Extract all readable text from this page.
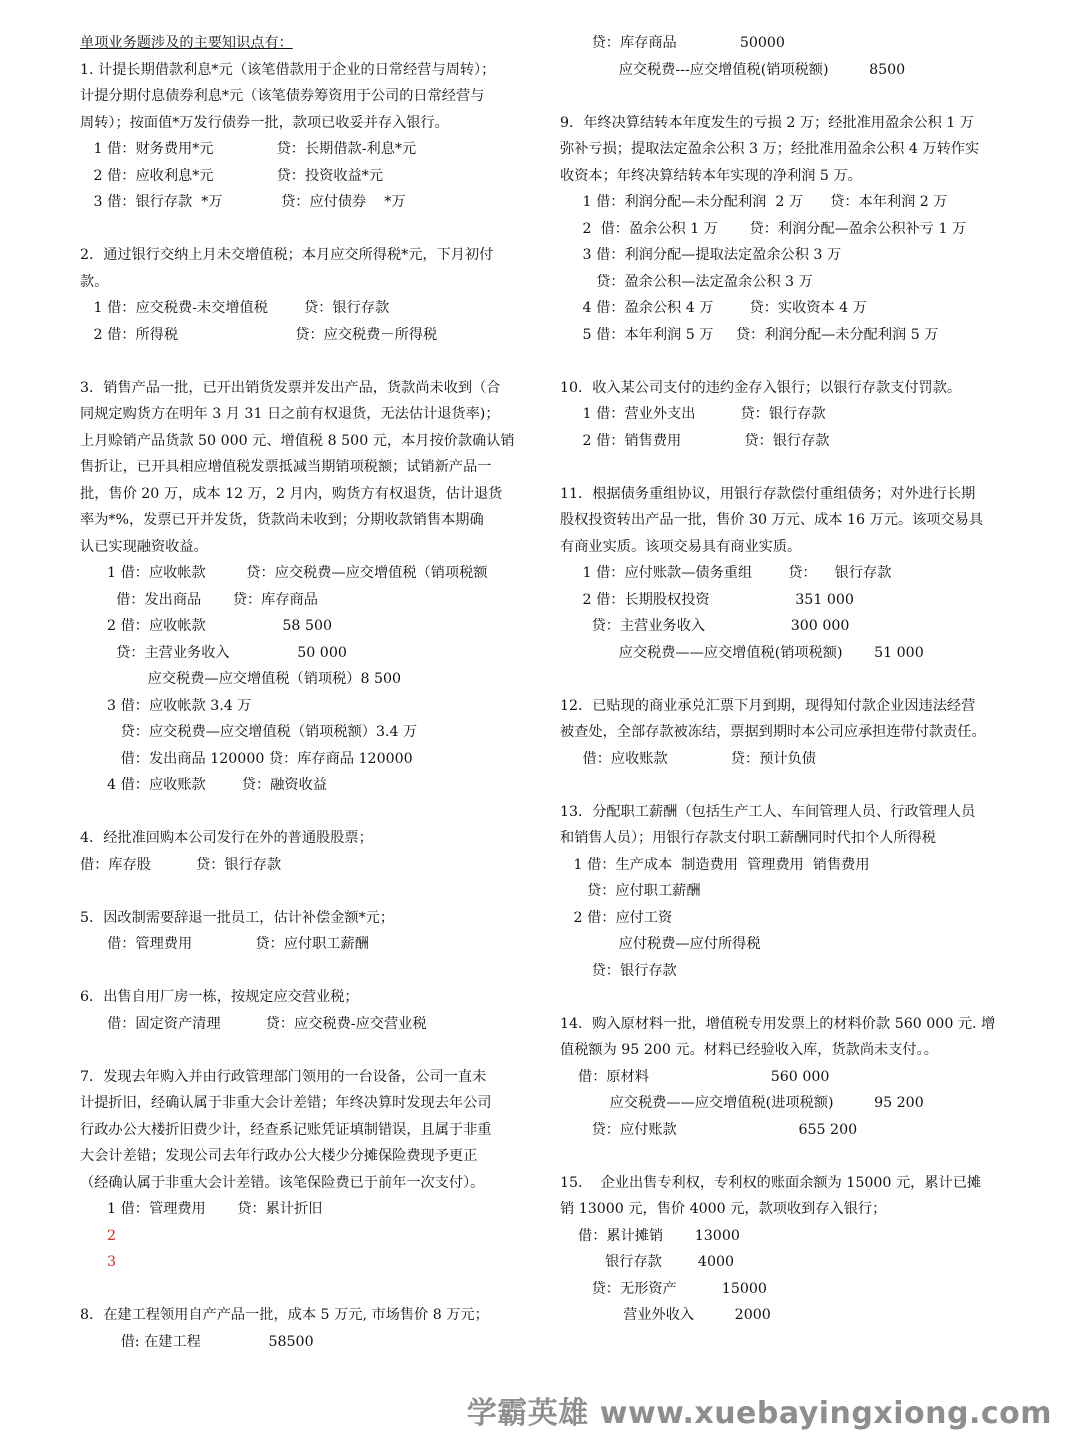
单项业务题涉及的主要知识点有：
1. 计提长期借款利息*元（该笔借款用于企业的日常经营与周转）；
计提分期付息债券利息*元（该笔债券筹资用于公司的日常经营与
周转）；按面值*万发行债券一批，款项已收妥并存入银行。
1 借：财务费用*元              贷：长期借款-利息*元
2 借：应收利息*元              贷：投资收益*元
3 借：银行存款  *万             贷：应付债券    *万
2．通过银行交纳上月未交增值税；本月应交所得税*元，下月初付
款。
1 借：应交税费-未交增值税        贷：银行存款
2 借：所得税                          贷：应交税费－所得税
3．销售产品一批，已开出销货发票并发出产品，货款尚未收到（合
同规定购货方在明年 3 月 31 日之前有权退货，无法估计退货率)；
上月赊销产品货款 50 000 元、增值税 8 500 元，本月按价款确认销
售折让，已开具相应增值税发票抵减当期销项税额；试销新产品一
批，售价 20 万，成本 12 万，2 月内，购货方有权退货，估计退货
率为*%，发票已开并发货，货款尚未收到；分期收款销售本期确
认已实现融资收益。
1 借：应收帐款         贷：应交税费—应交增值税（销项税额
借：发出商品       贷：库存商品
2 借：应收帐款                 58 500
贷：主营业务收入               50 000
应交税费—应交增值税（销项税）8 500
3 借：应收帐款 3.4 万
贷：应交税费—应交增值税（销项税额）3.4 万
借：发出商品 120000 贷：库存商品 120000
4 借：应收账款        贷：融资收益
4．经批准回购本公司发行在外的普通股股票；
借：库存股          贷：银行存款
5．因改制需要辞退一批员工，估计补偿金额*元；
借：管理费用              贷：应付职工薪酬
6．出售自用厂房一栋，按规定应交营业税；
借：固定资产清理          贷：应交税费-应交营业税
7．发现去年购入并由行政管理部门领用的一台设备，公司一直未
计提折旧，经确认属于非重大会计差错；年终决算时发现去年公司
行政办公大楼折旧费少计，经查系记账凭证填制错误，且属于非重
大会计差错；发现公司去年行政办公大楼少分摊保险费现予更正
（经确认属于非重大会计差错。该笔保险费已于前年一次支付）。
1 借：管理费用       贷：累计折旧
2
3
8．在建工程领用自产产品一批，成本 5 万元, 市场售价 8 万元；
借: 在建工程               58500
贷：库存商品              50000
应交税费---应交增值税(销项税额)         8500
9．年终决算结转本年度发生的亏损 2 万；经批准用盈余公积 1 万
弥补亏损；提取法定盈余公积 3 万；经批准用盈余公积 4 万转作实
收资本；年终决算结转本年实现的净利润 5 万。
1 借：利润分配—未分配利润  2 万      贷：本年利润 2 万
2  借：盈余公积 1 万       贷：利润分配—盈余公积补亏 1 万
3 借：利润分配—提取法定盈余公积 3 万
贷：盈余公积—法定盈余公积 3 万
4 借：盈余公积 4 万        贷：实收资本 4 万
5 借：本年利润 5 万     贷：利润分配—未分配利润 5 万
10．收入某公司支付的违约金存入银行；以银行存款支付罚款。
1 借：营业外支出          贷：银行存款
2 借：销售费用              贷：银行存款
11．根据债务重组协议，用银行存款偿付重组债务；对外进行长期
股权投资转出产品一批，售价 30 万元、成本 16 万元。该项交易具
有商业实质。该项交易具有商业实质。
1 借：应付账款—债务重组        贷：    银行存款
2 借：长期股权投资                   351 000
贷：主营业务收入                   300 000
应交税费——应交增值税(销项税额)       51 000
12．已贴现的商业承兑汇票下月到期，现得知付款企业因违法经营
被查处，全部存款被冻结，票据到期时本公司应承担连带付款责任。
借：应收账款              贷：预计负债
13．分配职工薪酬（包括生产工人、车间管理人员、行政管理人员
和销售人员）；用银行存款支付职工薪酬同时代扣个人所得税
1 借：生产成本  制造费用  管理费用  销售费用
贷：应付职工薪酬
2 借：应付工资
应付税费—应付所得税
贷：银行存款
14．购入原材料一批，增值税专用发票上的材料价款 560 000 元. 增
值税额为 95 200 元。材料已经验收入库，货款尚未支付。。
借：原材料                           560 000
应交税费——应交增值税(进项税额)         95 200
贷：应付账款                           655 200
15.    企业出售专利权，专利权的账面余额为 15000 元，累计已摊
销 13000 元，售价 4000 元，款项收到存入银行；
借：累计摊销       13000
银行存款        4000
贷：无形资产          15000
营业外收入         2000
学霸英雄 www.xuebayingxiong.com
